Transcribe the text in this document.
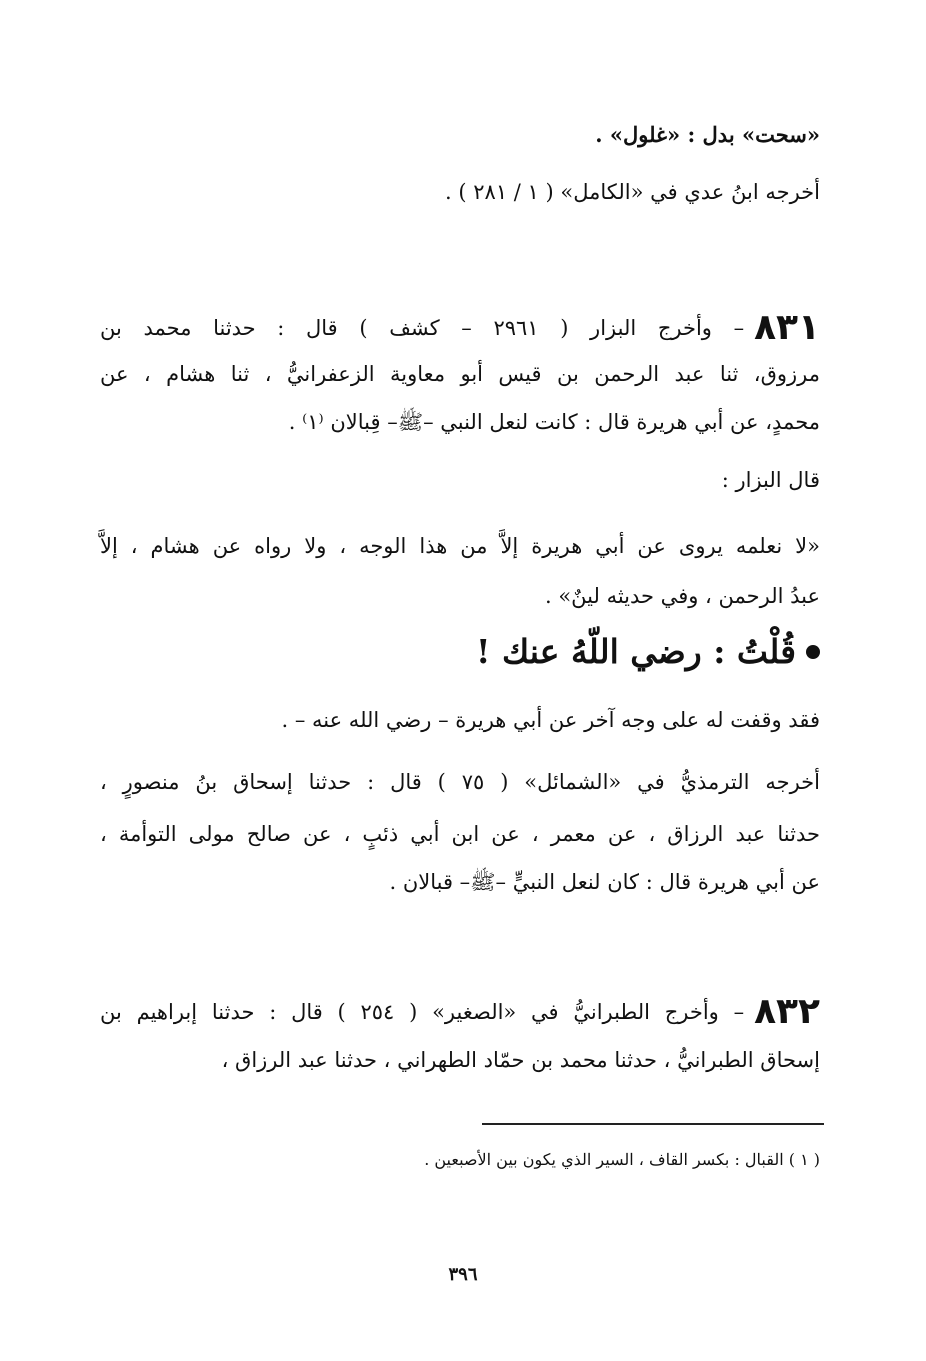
«سحت» بدل : «غلول» .
أخرجه ابنُ عدي في «الكامل» ( ١ / ٢٨١ ) .
٨٣١– وأخرج البزار ( ٢٩٦١ – كشف ) قال : حدثنا محمد بن
مرزوق، ثنا عبد الرحمن بن قيس أبو معاوية الزعفرانيُّ ، ثنا هشام ، عن
محمدٍ، عن أبي هريرة قال : كانت لنعل النبي –ﷺ– قِبالان ⁽١⁾ .
قال البزار :
«لا نعلمه يروى عن أبي هريرة إلاَّ من هذا الوجه ، ولا رواه عن هشام ، إلاَّ
عبدُ الرحمن ، وفي حديثه لينٌ» .
قُلْتُ : رضي اللّهُ عنك !
فقد وقفت له على وجه آخر عن أبي هريرة – رضي الله عنه – .
أخرجه الترمذيُّ في «الشمائل» ( ٧٥ ) قال : حدثنا إسحاق بنُ منصورٍ ،
حدثنا عبد الرزاق ، عن معمر ، عن ابن أبي ذئبٍ ، عن صالح مولى التوأمة ،
عن أبي هريرة قال : كان لنعل النبيٍّ –ﷺ– قبالان .
٨٣٢– وأخرج الطبرانيُّ في «الصغير» ( ٢٥٤ ) قال : حدثنا إبراهيم بن
إسحاق الطبرانيُّ ، حدثنا محمد بن حمّاد الطهراني ، حدثنا عبد الرزاق ،
( ١ ) القبال : بكسر القاف ، السير الذي يكون بين الأصبعين .
٣٩٦
